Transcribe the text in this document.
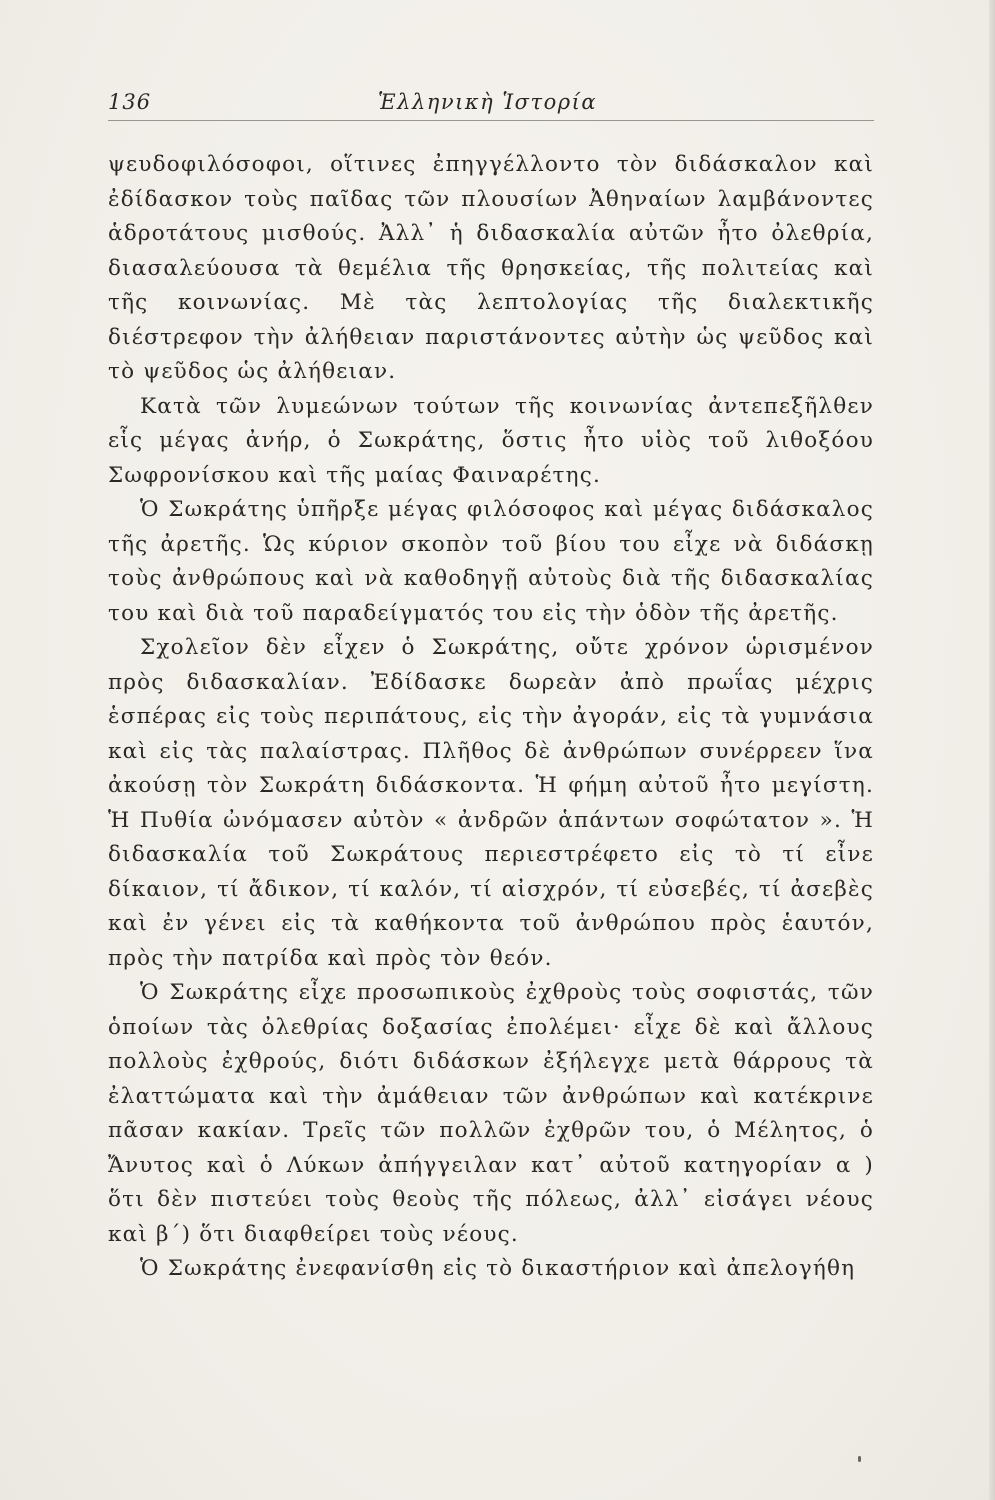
136	Ἑλληνικὴ Ἱστορία

ψευδοφιλόσοφοι, οἵτινες ἐπηγγέλλοντο τὸν διδάσκαλον καὶ ἐδίδασκον τοὺς παῖδας τῶν πλουσίων Ἀθηναίων λαμβάνοντες ἁδροτάτους μισθούς. Ἀλλ᾽ ἡ διδασκαλία αὐτῶν ἦτο ὀλεθρία, διασαλεύουσα τὰ θεμέλια τῆς θρησκείας, τῆς πολιτείας καὶ τῆς κοινωνίας. Μὲ τὰς λεπτολογίας τῆς διαλεκτικῆς διέστρεφον τὴν ἀλήθειαν παριστάνοντες αὐτὴν ὡς ψεῦδος καὶ τὸ ψεῦδος ὡς ἀλήθειαν.

Κατὰ τῶν λυμεώνων τούτων τῆς κοινωνίας ἀντεπεξῆλθεν εἷς μέγας ἀνήρ, ὁ Σωκράτης, ὅστις ἦτο υἱὸς τοῦ λιθοξόου Σωφρονίσκου καὶ τῆς μαίας Φαιναρέτης.

Ὁ Σωκράτης ὑπῆρξε μέγας φιλόσοφος καὶ μέγας διδάσκαλος τῆς ἀρετῆς. Ὡς κύριον σκοπὸν τοῦ βίου του εἶχε νὰ διδάσκῃ τοὺς ἀνθρώπους καὶ νὰ καθοδηγῇ αὐτοὺς διὰ τῆς διδασκαλίας του καὶ διὰ τοῦ παραδείγματός του εἰς τὴν ὁδὸν τῆς ἀρετῆς.

Σχολεῖον δὲν εἶχεν ὁ Σωκράτης, οὔτε χρόνον ὡρισμένον πρὸς διδασκαλίαν. Ἐδίδασκε δωρεὰν ἀπὸ πρωΐας μέχρις ἑσπέρας εἰς τοὺς περιπάτους, εἰς τὴν ἀγοράν, εἰς τὰ γυμνάσια καὶ εἰς τὰς παλαίστρας. Πλῆθος δὲ ἀνθρώπων συνέρρεεν ἵνα ἀκούσῃ τὸν Σωκράτη διδάσκοντα. Ἡ φήμη αὐτοῦ ἦτο μεγίστη. Ἡ Πυθία ὠνόμασεν αὐτὸν « ἀνδρῶν ἁπάντων σοφώτατον ». Ἡ διδασκαλία τοῦ Σωκράτους περιεστρέφετο εἰς τὸ τί εἶνε δίκαιον, τί ἄδικον, τί καλόν, τί αἰσχρόν, τί εὐσεβές, τί ἀσεβὲς καὶ ἐν γένει εἰς τὰ καθήκοντα τοῦ ἀνθρώπου πρὸς ἑαυτόν, πρὸς τὴν πατρίδα καὶ πρὸς τὸν θεόν.

Ὁ Σωκράτης εἶχε προσωπικοὺς ἐχθροὺς τοὺς σοφιστάς, τῶν ὁποίων τὰς ὀλεθρίας δοξασίας ἐπολέμει· εἶχε δὲ καὶ ἄλλους πολλοὺς ἐχθρούς, διότι διδάσκων ἐξήλεγχε μετὰ θάρρους τὰ ἐλαττώματα καὶ τὴν ἀμάθειαν τῶν ἀνθρώπων καὶ κατέκρινε πᾶσαν κακίαν. Τρεῖς τῶν πολλῶν ἐχθρῶν του, ὁ Μέλητος, ὁ Ἄνυτος καὶ ὁ Λύκων ἀπήγγειλαν κατ᾽ αὐτοῦ κατηγορίαν α ) ὅτι δὲν πιστεύει τοὺς θεοὺς τῆς πόλεως, ἀλλ᾽ εἰσάγει νέους καὶ β΄) ὅτι διαφθείρει τοὺς νέους.

Ὁ Σωκράτης ἐνεφανίσθη εἰς τὸ δικαστήριον καὶ ἀπελογήθη
